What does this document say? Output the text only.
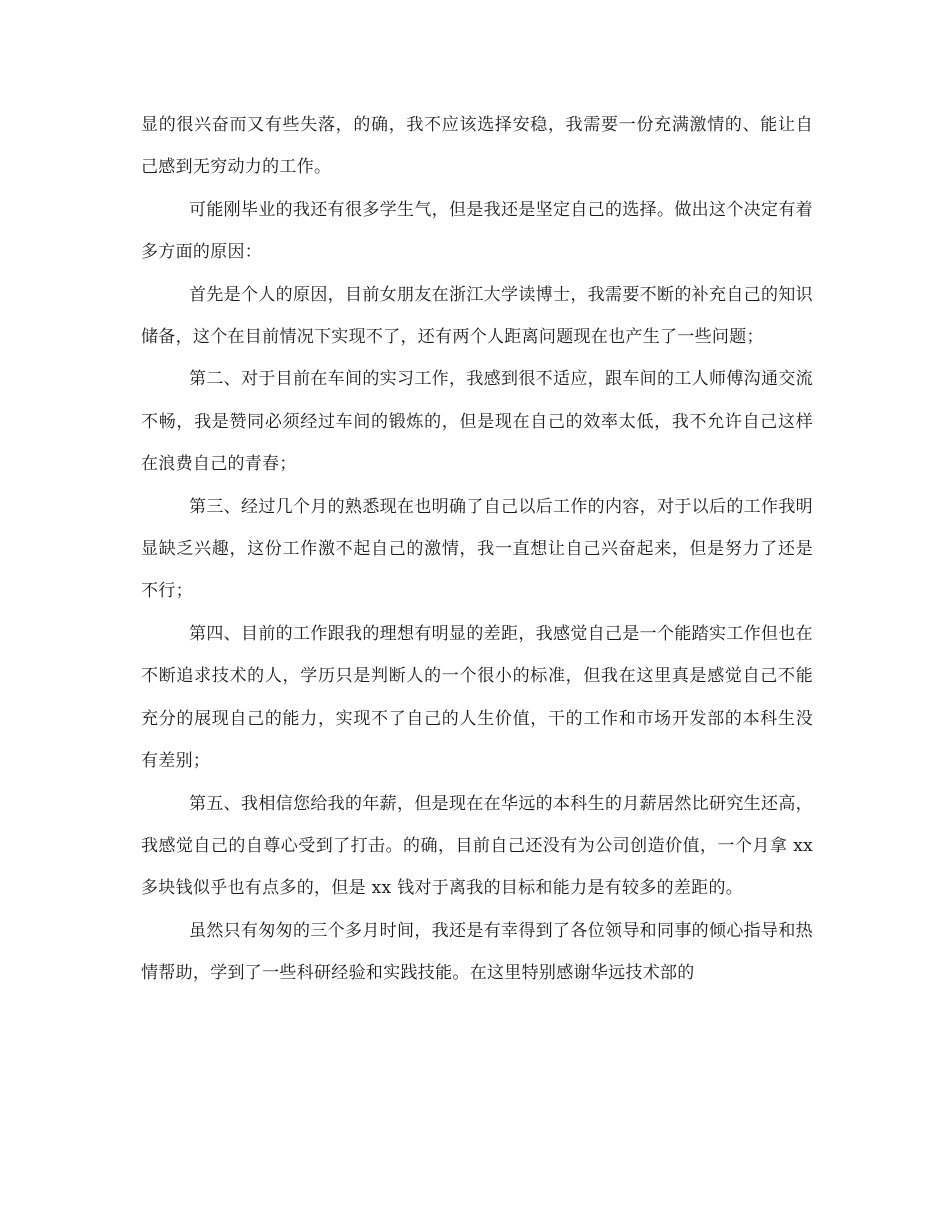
显的很兴奋而又有些失落，的确，我不应该选择安稳，我需要一份充满激情的、能让自己感到无穷动力的工作。

可能刚毕业的我还有很多学生气，但是我还是坚定自己的选择。做出这个决定有着多方面的原因：

首先是个人的原因，目前女朋友在浙江大学读博士，我需要不断的补充自己的知识储备，这个在目前情况下实现不了，还有两个人距离问题现在也产生了一些问题；

第二、对于目前在车间的实习工作，我感到很不适应，跟车间的工人师傅沟通交流不畅，我是赞同必须经过车间的锻炼的，但是现在自己的效率太低，我不允许自己这样在浪费自己的青春；

第三、经过几个月的熟悉现在也明确了自己以后工作的内容，对于以后的工作我明显缺乏兴趣，这份工作激不起自己的激情，我一直想让自己兴奋起来，但是努力了还是不行；

第四、目前的工作跟我的理想有明显的差距，我感觉自己是一个能踏实工作但也在不断追求技术的人，学历只是判断人的一个很小的标准，但我在这里真是感觉自己不能充分的展现自己的能力，实现不了自己的人生价值，干的工作和市场开发部的本科生没有差别；

第五、我相信您给我的年薪，但是现在在华远的本科生的月薪居然比研究生还高，我感觉自己的自尊心受到了打击。的确，目前自己还没有为公司创造价值，一个月拿 xx 多块钱似乎也有点多的，但是 xx 钱对于离我的目标和能力是有较多的差距的。

虽然只有匆匆的三个多月时间，我还是有幸得到了各位领导和同事的倾心指导和热情帮助，学到了一些科研经验和实践技能。在这里特别感谢华远技术部的
